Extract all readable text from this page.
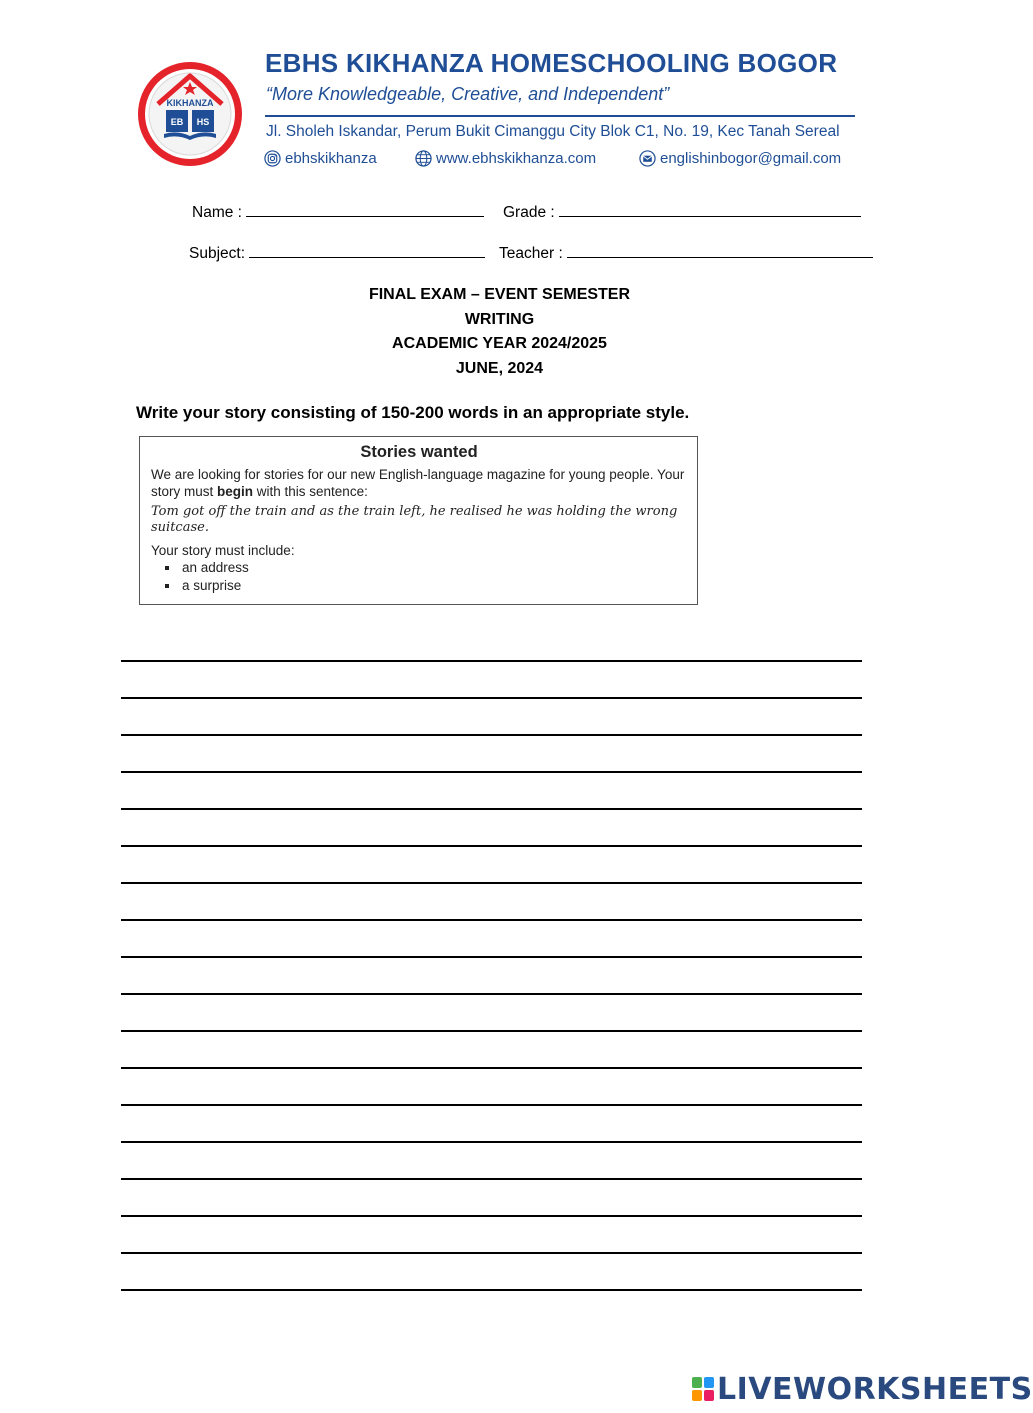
KIKHANZA
EB HS
EBHS KIKHANZA HOMESCHOOLING BOGOR
“More Knowledgeable, Creative, and Independent”
Jl. Sholeh Iskandar, Perum Bukit Cimanggu City Blok C1, No. 19, Kec Tanah Sereal
ebhskikhanza	www.ebhskikhanza.com	englishinbogor@gmail.com
Name :	Grade :
Subject:	Teacher :
FINAL EXAM – EVENT SEMESTER
WRITING
ACADEMIC YEAR 2024/2025
JUNE, 2024
Write your story consisting of 150-200 words in an appropriate style.
Stories wanted
We are looking for stories for our new English-language magazine for young people. Your story must begin with this sentence:
Tom got off the train and as the train left, he realised he was holding the wrong suitcase.
Your story must include:
an address
a surprise
LIVEWORKSHEETS
